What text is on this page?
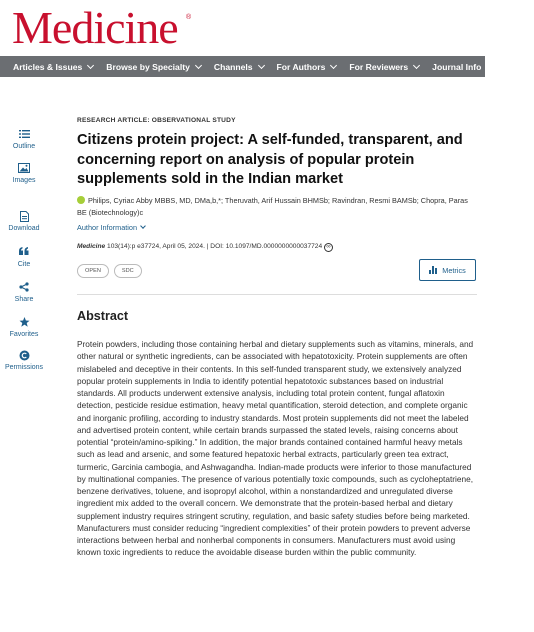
Medicine ®
Articles & Issues	Browse by Specialty	Channels	For Authors	For Reviewers	Journal Info	Submit
Outline
Images
Download
Cite
Share
Favorites
Permissions
RESEARCH ARTICLE: OBSERVATIONAL STUDY
Citizens protein project: A self-funded, transparent, and concerning report on analysis of popular protein supplements sold in the Indian market
Philips, Cyriac Abby MBBS, MD, DMa,b,*; Theruvath, Arif Hussain BHMSb; Ravindran, Resmi BAMSb; Chopra, Paras BE (Biotechnology)c
Author Information
Medicine 103(14):p e37724, April 05, 2024. | DOI: 10.1097/MD.0000000000037724 ∞
OPEN	SDC	Metrics
Abstract
Protein powders, including those containing herbal and dietary supplements such as vitamins, minerals, and other natural or synthetic ingredients, can be associated with hepatotoxicity. Protein supplements are often mislabeled and deceptive in their contents. In this self-funded transparent study, we extensively analyzed popular protein supplements in India to identify potential hepatotoxic substances based on industrial standards. All products underwent extensive analysis, including total protein content, fungal aflatoxin detection, pesticide residue estimation, heavy metal quantification, steroid detection, and complete organic and inorganic profiling, according to industry standards. Most protein supplements did not meet the labeled and advertised protein content, while certain brands surpassed the stated levels, raising concerns about potential “protein/amino-spiking.” In addition, the major brands contained contained harmful heavy metals such as lead and arsenic, and some featured hepatoxic herbal extracts, particularly green tea extract, turmeric, Garcinia cambogia, and Ashwagandha. Indian-made products were inferior to those manufactured by multinational companies. The presence of various potentially toxic compounds, such as cycloheptatriene, benzene derivatives, toluene, and isopropyl alcohol, within a nonstandardized and unregulated diverse ingredient mix added to the overall concern. We demonstrate that the protein-based herbal and dietary supplement industry requires stringent scrutiny, regulation, and basic safety studies before being marketed. Manufacturers must consider reducing “ingredient complexities” of their protein powders to prevent adverse interactions between herbal and nonherbal components in consumers. Manufacturers must avoid using known toxic ingredients to reduce the avoidable disease burden within the public community.
